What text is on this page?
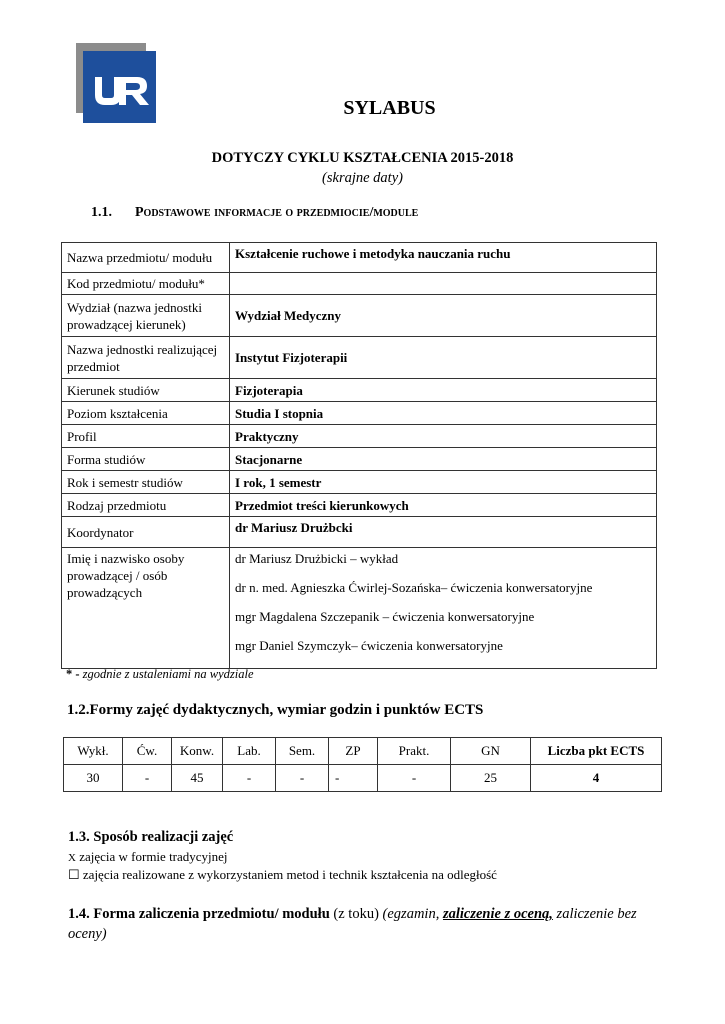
SYLABUS
DOTYCZY CYKLU KSZTAŁCENIA 2015-2018
(skrajne daty)
1.1. Podstawowe informacje o przedmiocie/module
Nazwa przedmiotu/ modułu	Kształcenie ruchowe i metodyka nauczania ruchu
Kod przedmiotu/ modułu*	
Wydział (nazwa jednostki prowadzącej kierunek)	Wydział Medyczny
Nazwa jednostki realizującej przedmiot	Instytut Fizjoterapii
Kierunek studiów	Fizjoterapia
Poziom kształcenia	Studia I stopnia
Profil	Praktyczny
Forma studiów	Stacjonarne
Rok i semestr studiów	I rok, 1 semestr
Rodzaj przedmiotu	Przedmiot treści kierunkowych
Koordynator	dr Mariusz Drużbcki
Imię i nazwisko osoby prowadzącej / osób prowadzących	dr Mariusz Drużbicki – wykład

dr n. med. Agnieszka Ćwirlej-Sozańska– ćwiczenia konwersatoryjne

mgr Magdalena Szczepanik – ćwiczenia konwersatoryjne

mgr Daniel Szymczyk– ćwiczenia konwersatoryjne

* - zgodnie z ustaleniami na wydziale
1.2.Formy zajęć dydaktycznych, wymiar godzin i punktów ECTS
Wykł.	Ćw.	Konw.	Lab.	Sem.	ZP	Prakt.	GN	Liczba pkt ECTS
30	-	45	-	-	-	-	25	4
1.3. Sposób realizacji zajęć
X zajęcia w formie tradycyjnej
☐ zajęcia realizowane z wykorzystaniem metod i technik kształcenia na odległość
1.4. Forma zaliczenia przedmiotu/ modułu (z toku) (egzamin, zaliczenie z oceną, zaliczenie bez oceny)
